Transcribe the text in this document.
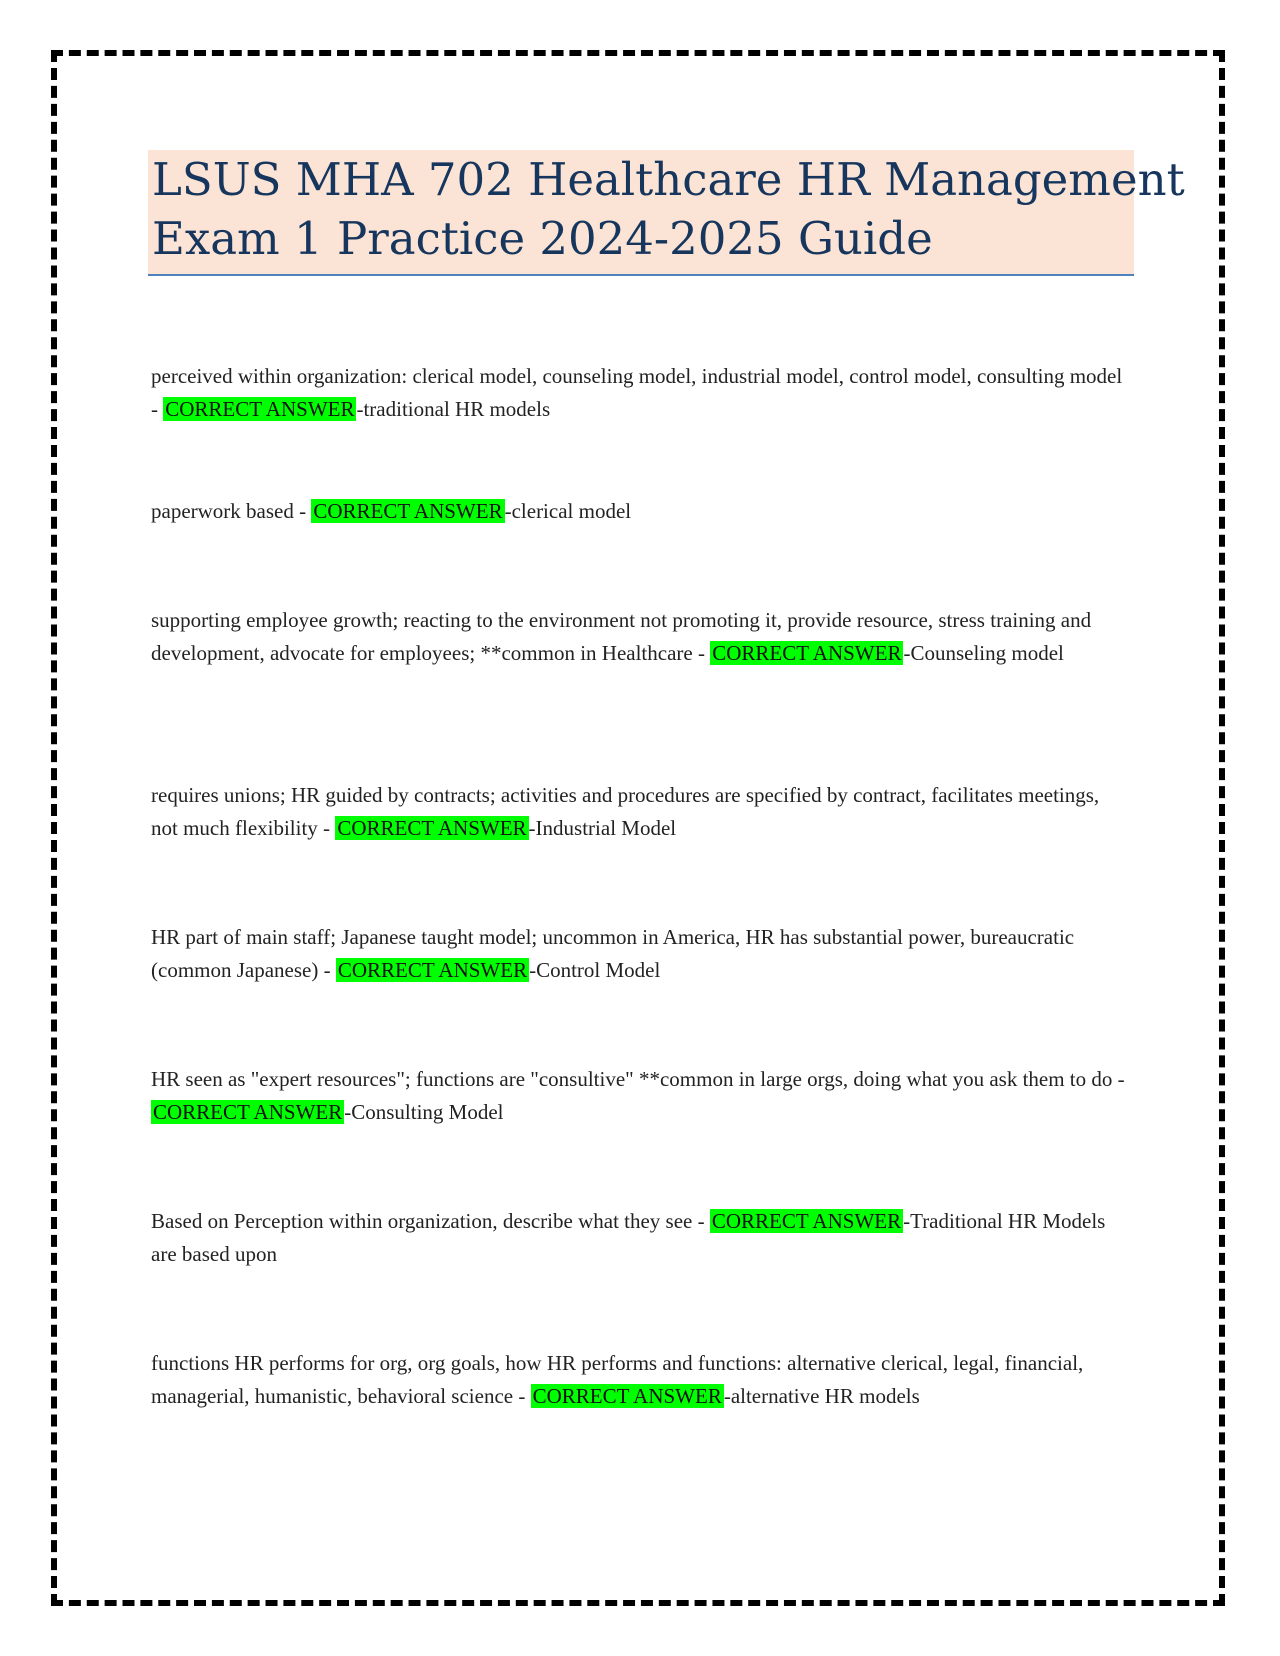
LSUS MHA 702 Healthcare HR Management

Exam 1 Practice 2024-2025 Guide

perceived within organization: clerical model, counseling model, industrial model, control model, consulting model - CORRECT ANSWER-traditional HR models

paperwork based - CORRECT ANSWER-clerical model

supporting employee growth; reacting to the environment not promoting it, provide resource, stress training and development, advocate for employees; **common in Healthcare - CORRECT ANSWER-Counseling model

requires unions; HR guided by contracts; activities and procedures are specified by contract, facilitates meetings, not much flexibility - CORRECT ANSWER-Industrial Model

HR part of main staff; Japanese taught model; uncommon in America, HR has substantial power, bureaucratic (common Japanese) - CORRECT ANSWER-Control Model

HR seen as "expert resources"; functions are "consultive" **common in large orgs, doing what you ask them to do - CORRECT ANSWER-Consulting Model

Based on Perception within organization, describe what they see - CORRECT ANSWER-Traditional HR Models are based upon

functions HR performs for org, org goals, how HR performs and functions: alternative clerical, legal, financial, managerial, humanistic, behavioral science - CORRECT ANSWER-alternative HR models
